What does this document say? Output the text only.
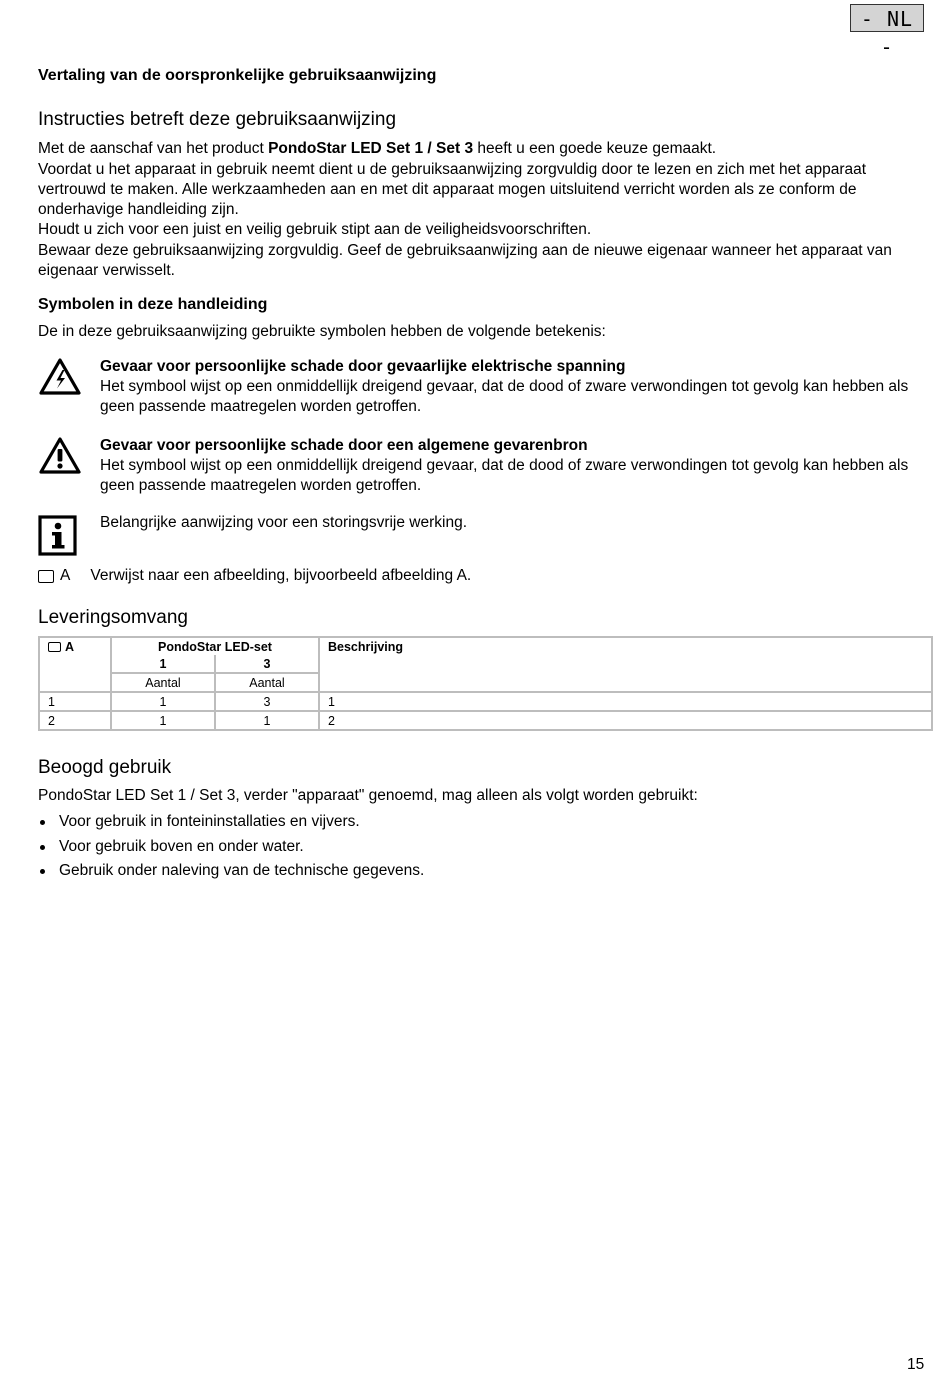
- NL -

Vertaling van de oorspronkelijke gebruiksaanwijzing

Instructies betreft deze gebruiksaanwijzing

Met de aanschaf van het product PondoStar LED Set 1 / Set 3 heeft u een goede keuze gemaakt.

Voordat u het apparaat in gebruik neemt dient u de gebruiksaanwijzing zorgvuldig door te lezen en zich met het apparaat vertrouwd te maken. Alle werkzaamheden aan en met dit apparaat mogen uitsluitend verricht worden als ze conform de onderhavige handleiding zijn.

Houdt u zich voor een juist en veilig gebruik stipt aan de veiligheidsvoorschriften.

Bewaar deze gebruiksaanwijzing zorgvuldig. Geef de gebruiksaanwijzing aan de nieuwe eigenaar wanneer het apparaat van eigenaar verwisselt.

Symbolen in deze handleiding

De in deze gebruiksaanwijzing gebruikte symbolen hebben de volgende betekenis:

Gevaar voor persoonlijke schade door gevaarlijke elektrische spanning
Het symbool wijst op een onmiddellijk dreigend gevaar, dat de dood of zware verwondingen tot gevolg kan hebben als geen passende maatregelen worden getroffen.
Gevaar voor persoonlijke schade door een algemene gevarenbron
Het symbool wijst op een onmiddellijk dreigend gevaar, dat de dood of zware verwondingen tot gevolg kan hebben als geen passende maatregelen worden getroffen.
Belangrijke aanwijzing voor een storingsvrije werking.
A Verwijst naar een afbeelding, bijvoorbeeld afbeelding A.
Leveringsomvang
A	PondoStar LED-set		Beschrijving
	1	3	
	Aantal	Aantal	
1	1	3	1
2	1	1	2
Beoogd gebruik

PondoStar LED Set 1 / Set 3, verder "apparaat" genoemd, mag alleen als volgt worden gebruikt:

Voor gebruik in fonteininstallaties en vijvers.
Voor gebruik boven en onder water.
Gebruik onder naleving van de technische gegevens.
15
